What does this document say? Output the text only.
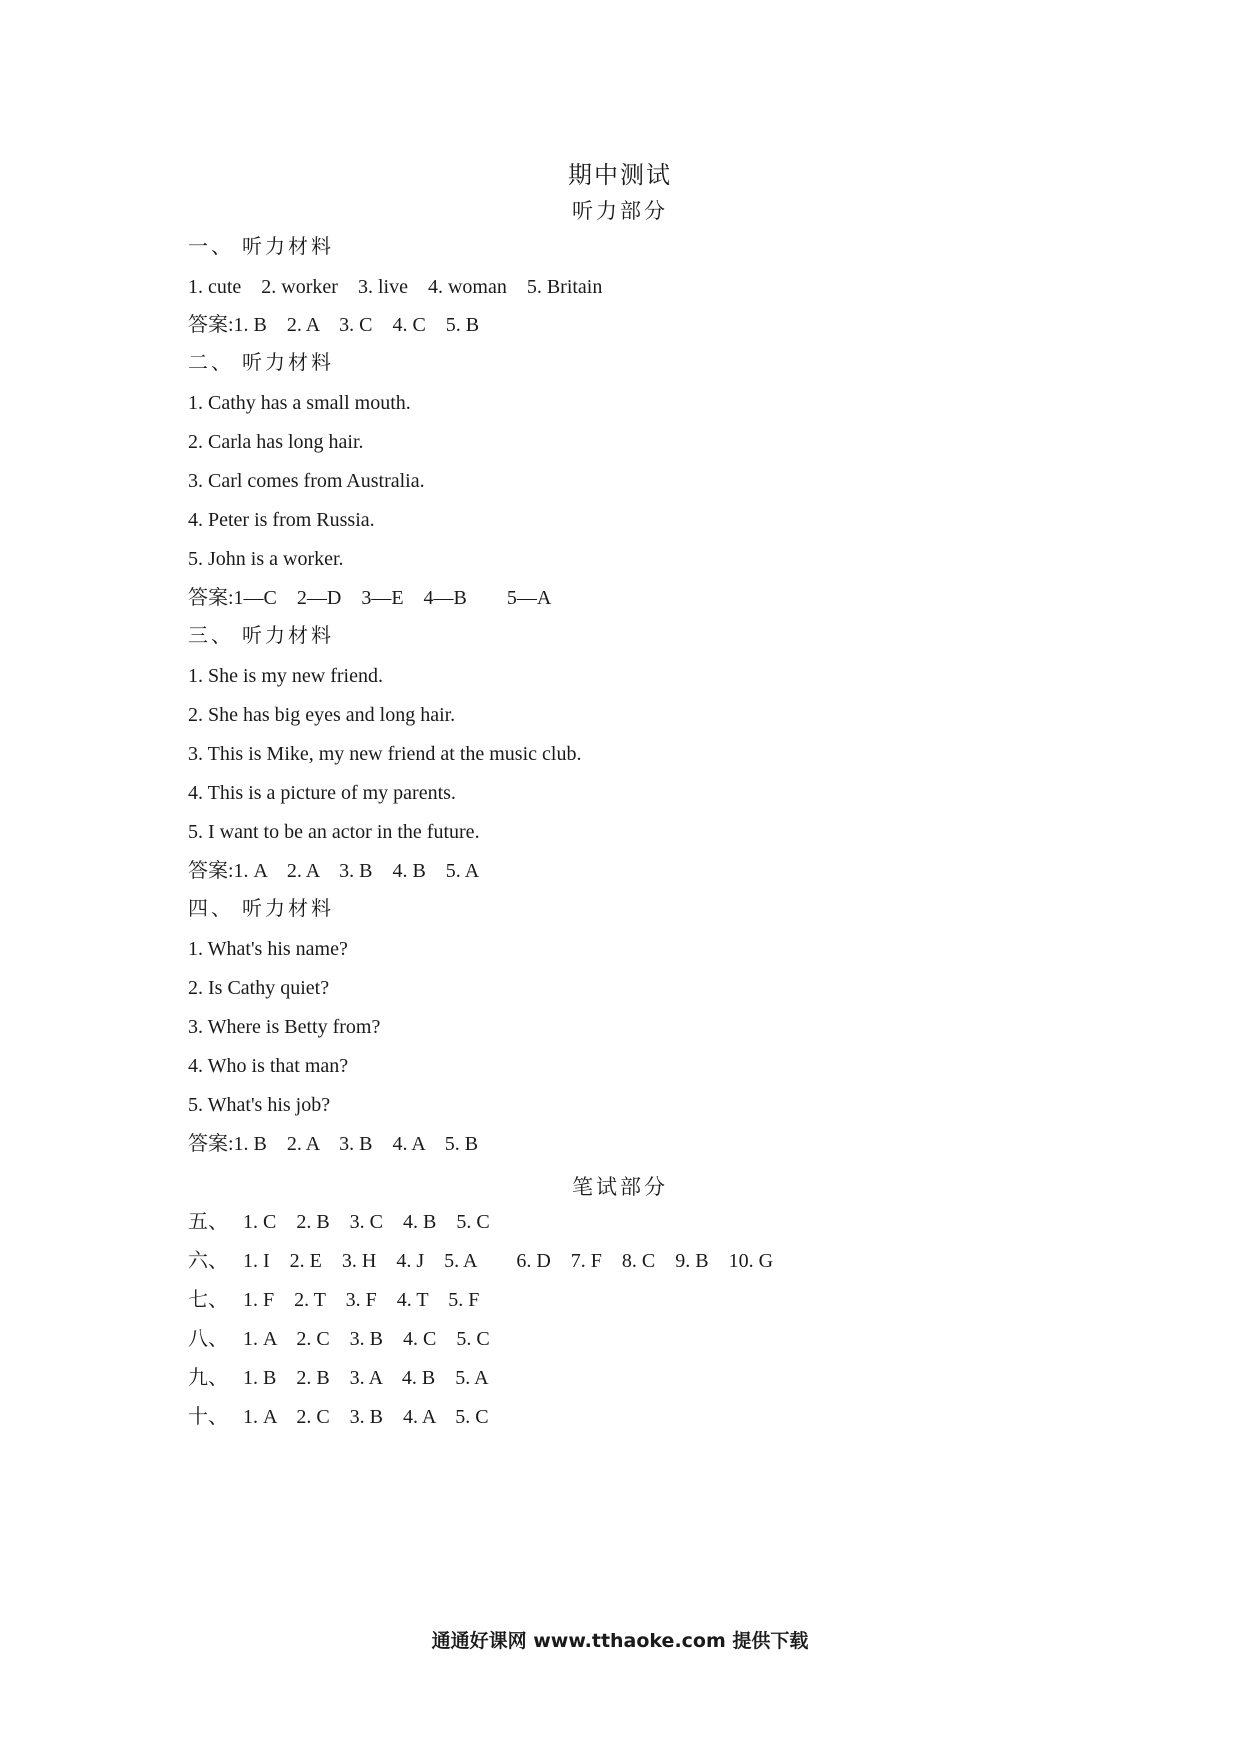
期中测试
听力部分
一、 听力材料
1. cute    2. worker    3. live    4. woman    5. Britain
答案:1. B    2. A    3. C    4. C    5. B
二、 听力材料
1. Cathy has a small mouth.
2. Carla has long hair.
3. Carl comes from Australia.
4. Peter is from Russia.
5. John is a worker.
答案:1—C    2—D    3—E    4—B        5—A
三、 听力材料
1. She is my new friend.
2. She has big eyes and long hair.
3. This is Mike, my new friend at the music club.
4. This is a picture of my parents.
5. I want to be an actor in the future.
答案:1. A    2. A    3. B    4. B    5. A
四、 听力材料
1. What's his name?
2. Is Cathy quiet?
3. Where is Betty from?
4. Who is that man?
5. What's his job?
答案:1. B    2. A    3. B    4. A    5. B
笔试部分
五、   1. C    2. B    3. C    4. B    5. C
六、   1. I    2. E    3. H    4. J    5. A        6. D    7. F    8. C    9. B    10. G
七、   1. F    2. T    3. F    4. T    5. F
八、   1. A    2. C    3. B    4. C    5. C
九、   1. B    2. B    3. A    4. B    5. A
十、   1. A    2. C    3. B    4. A    5. C
通通好课网 www.tthaoke.com 提供下载
